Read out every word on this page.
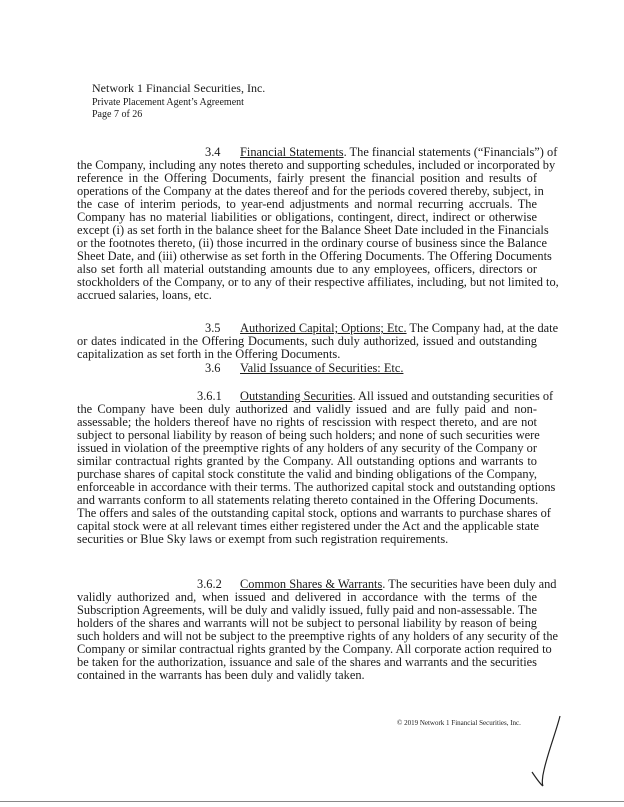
Network 1 Financial Securities, Inc.
Private Placement Agent’s Agreement
Page 7 of 26
3.4 Financial Statements. The financial statements (“Financials”) of
the Company, including any notes thereto and supporting schedules, included or incorporated by
reference in the Offering Documents, fairly present the financial position and results of
operations of the Company at the dates thereof and for the periods covered thereby, subject, in
the case of interim periods, to year-end adjustments and normal recurring accruals. The
Company has no material liabilities or obligations, contingent, direct, indirect or otherwise
except (i) as set forth in the balance sheet for the Balance Sheet Date included in the Financials
or the footnotes thereto, (ii) those incurred in the ordinary course of business since the Balance
Sheet Date, and (iii) otherwise as set forth in the Offering Documents. The Offering Documents
also set forth all material outstanding amounts due to any employees, officers, directors or
stockholders of the Company, or to any of their respective affiliates, including, but not limited to,
accrued salaries, loans, etc.
3.5 Authorized Capital; Options; Etc. The Company had, at the date
or dates indicated in the Offering Documents, such duly authorized, issued and outstanding
capitalization as set forth in the Offering Documents.
3.6 Valid Issuance of Securities: Etc.
3.6.1 Outstanding Securities. All issued and outstanding securities of
the Company have been duly authorized and validly issued and are fully paid and non-
assessable; the holders thereof have no rights of rescission with respect thereto, and are not
subject to personal liability by reason of being such holders; and none of such securities were
issued in violation of the preemptive rights of any holders of any security of the Company or
similar contractual rights granted by the Company. All outstanding options and warrants to
purchase shares of capital stock constitute the valid and binding obligations of the Company,
enforceable in accordance with their terms. The authorized capital stock and outstanding options
and warrants conform to all statements relating thereto contained in the Offering Documents.
The offers and sales of the outstanding capital stock, options and warrants to purchase shares of
capital stock were at all relevant times either registered under the Act and the applicable state
securities or Blue Sky laws or exempt from such registration requirements.
3.6.2 Common Shares & Warrants. The securities have been duly and
validly authorized and, when issued and delivered in accordance with the terms of the
Subscription Agreements, will be duly and validly issued, fully paid and non-assessable. The
holders of the shares and warrants will not be subject to personal liability by reason of being
such holders and will not be subject to the preemptive rights of any holders of any security of the
Company or similar contractual rights granted by the Company. All corporate action required to
be taken for the authorization, issuance and sale of the shares and warrants and the securities
contained in the warrants has been duly and validly taken.
© 2019 Network 1 Financial Securities, Inc.
